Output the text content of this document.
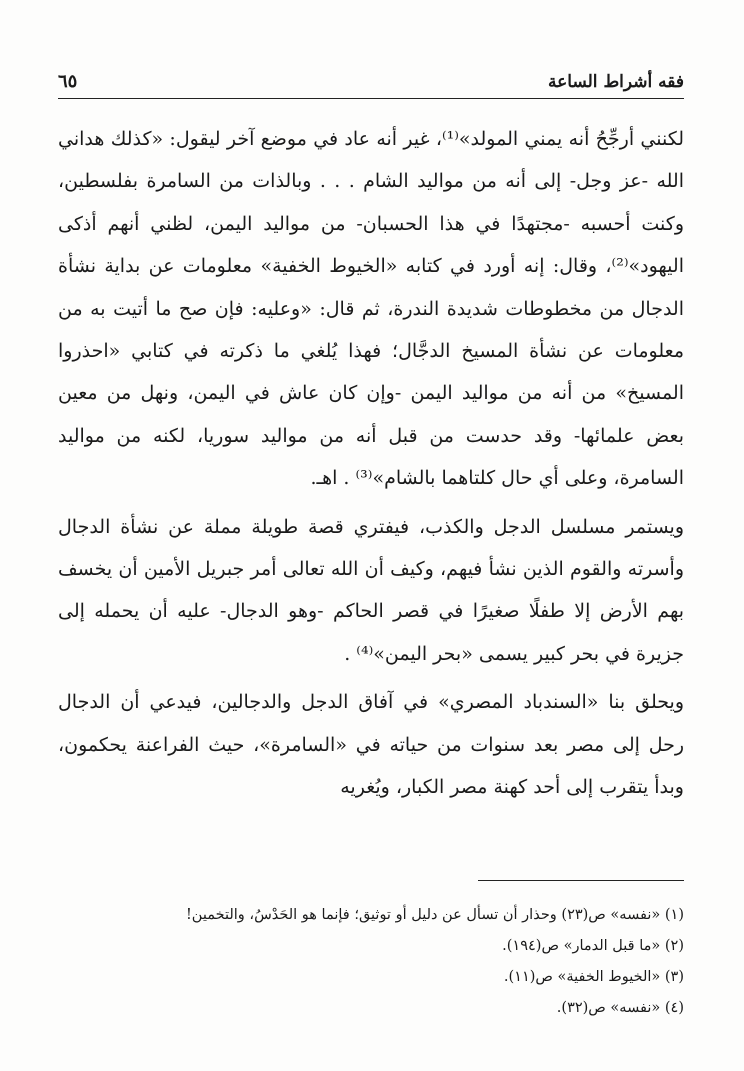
فقه أشراط الساعة
٦٥

لكنني أرجِّحُ أنه يمني المولد»⁽¹⁾، غير أنه عاد في موضع آخر ليقول: «كذلك هداني الله -عز وجل- إلى أنه من مواليد الشام . . . وبالذات من السامرة بفلسطين، وكنت أحسبه -مجتهدًا في هذا الحسبان- من مواليد اليمن، لظني أنهم أذكى اليهود»⁽²⁾، وقال: إنه أورد في كتابه «الخيوط الخفية» معلومات عن بداية نشأة الدجال من مخطوطات شديدة الندرة، ثم قال: «وعليه: فإن صح ما أتيت به من معلومات عن نشأة المسيخ الدجَّال؛ فهذا يُلغي ما ذكرته في كتابي «احذروا المسيخ» من أنه من مواليد اليمن -وإن كان عاش في اليمن، ونهل من معين بعض علمائها- وقد حدست من قبل أنه من مواليد سوريا، لكنه من مواليد السامرة، وعلى أي حال كلتاهما بالشام»⁽³⁾ . اهـ.

ويستمر مسلسل الدجل والكذب، فيفتري قصة طويلة مملة عن نشأة الدجال وأسرته والقوم الذين نشأ فيهم، وكيف أن الله تعالى أمر جبريل الأمين أن يخسف بهم الأرض إلا طفلًا صغيرًا في قصر الحاكم -وهو الدجال- عليه أن يحمله إلى جزيرة في بحر كبير يسمى «بحر اليمن»⁽⁴⁾ .

ويحلق بنا «السندباد المصري» في آفاق الدجل والدجالين، فيدعي أن الدجال رحل إلى مصر بعد سنوات من حياته في «السامرة»، حيث الفراعنة يحكمون، وبدأ يتقرب إلى أحد كهنة مصر الكبار، ويُغريه

(١) «نفسه» ص(٢٣) وحذار أن تسأل عن دليل أو توثيق؛ فإنما هو الحَدْسُ، والتخمين!

(٢) «ما قبل الدمار» ص(١٩٤).

(٣) «الخيوط الخفية» ص(١١).

(٤) «نفسه» ص(٣٢).
